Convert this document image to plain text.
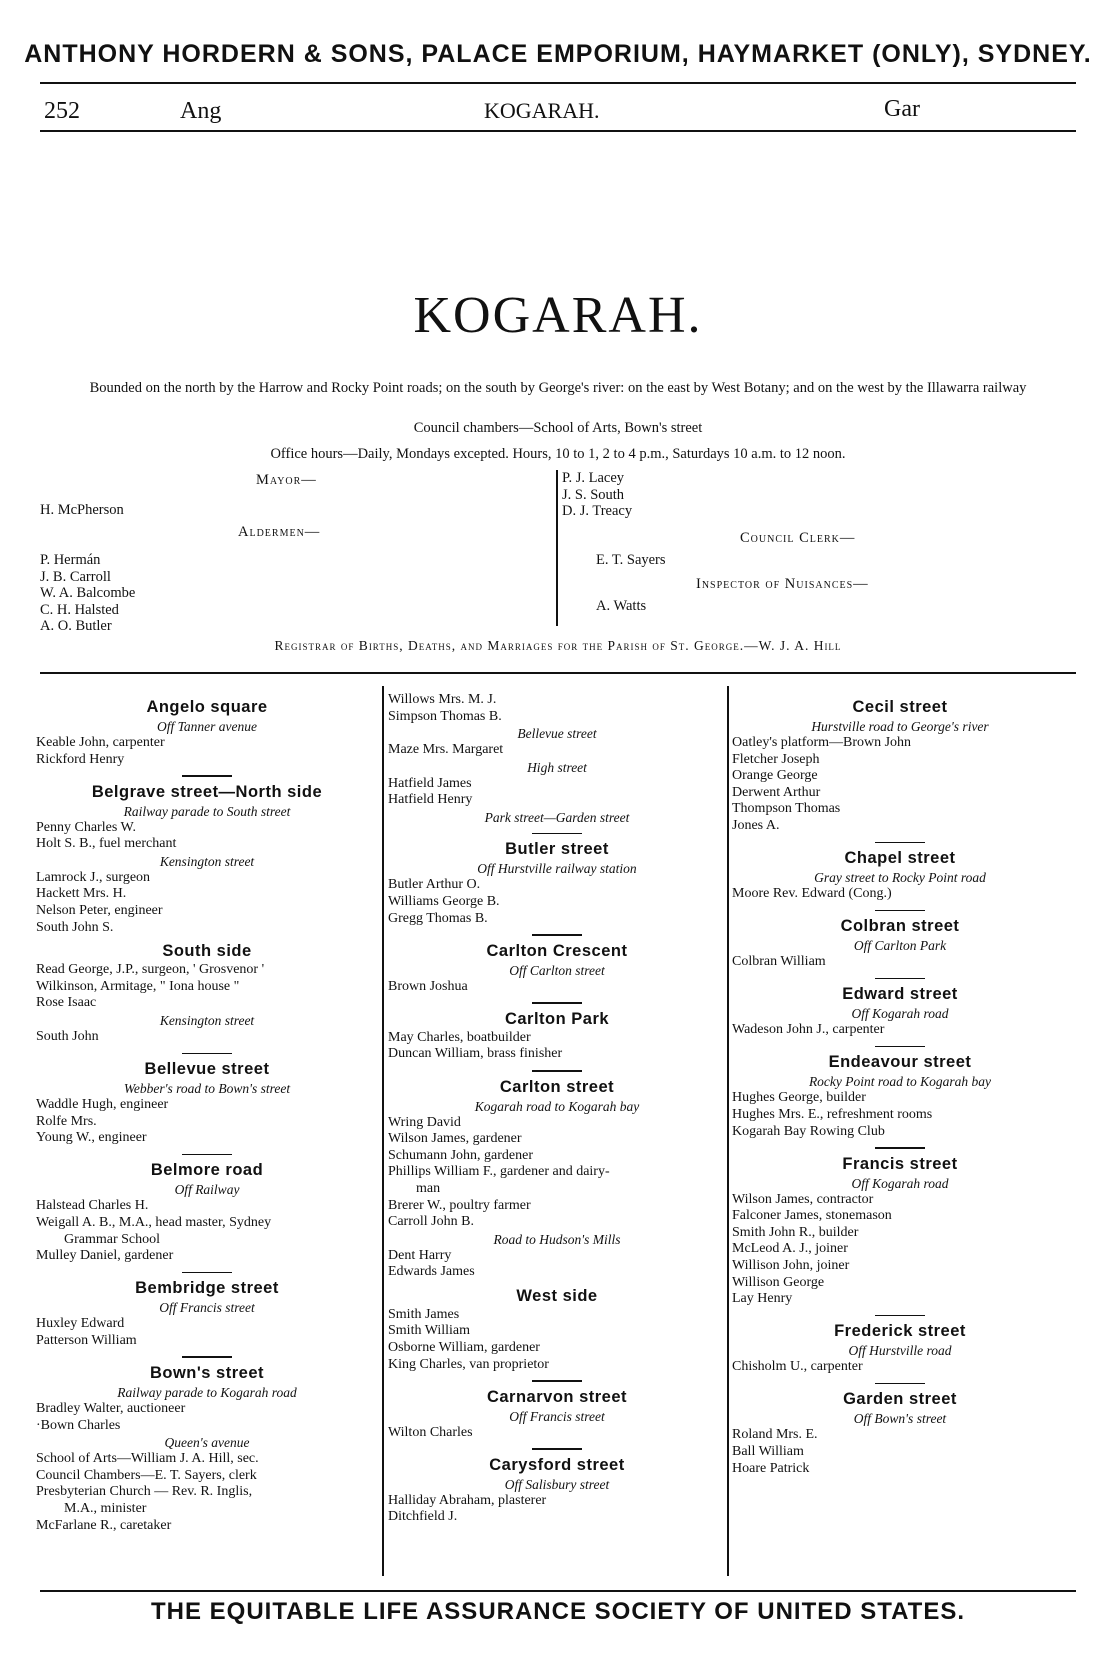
ANTHONY HORDERN & SONS, PALACE EMPORIUM, HAYMARKET (ONLY), SYDNEY.
252	Ang	KOGARAH.	Gar
KOGARAH.
Bounded on the north by the Harrow and Rocky Point roads; on the south by George's river: on the east by West Botany; and on the west by the Illawarra railway
Council chambers—School of Arts, Bown's street
Office hours—Daily, Mondays excepted. Hours, 10 to 1, 2 to 4 p.m., Saturdays 10 a.m. to 12 noon.
Mayor—
H. McPherson
Aldermen—
P. Hermán
J. B. Carroll
W. A. Balcombe
C. H. Halsted
A. O. Butler
P. J. Lacey
J. S. South
D. J. Treacy
Council Clerk—
E. T. Sayers
Inspector of Nuisances—
A. Watts
Registrar of Births, Deaths, and Marriages for the Parish of St. George.—W. J. A. Hill
Angelo square
Off Tanner avenue
Keable John, carpenter
Rickford Henry
Belgrave street—North side
Railway parade to South street
Penny Charles W.
Holt S. B., fuel merchant
Kensington street
Lamrock J., surgeon
Hackett Mrs. H.
Nelson Peter, engineer
South John S.
South side
Read George, J.P., surgeon, ' Grosvenor '
Wilkinson, Armitage, " Iona house "
Rose Isaac
Kensington street
South John
Bellevue street
Webber's road to Bown's street
Waddle Hugh, engineer
Rolfe Mrs.
Young W., engineer
Belmore road
Off Railway
Halstead Charles H.
Weigall A. B., M.A., head master, Sydney
Grammar School
Mulley Daniel, gardener
Bembridge street
Off Francis street
Huxley Edward
Patterson William
Bown's street
Railway parade to Kogarah road
Bradley Walter, auctioneer
·Bown Charles
Queen's avenue
School of Arts—William J. A. Hill, sec.
Council Chambers—E. T. Sayers, clerk
Presbyterian Church — Rev. R. Inglis,
M.A., minister
McFarlane R., caretaker
Willows Mrs. M. J.
Simpson Thomas B.
Bellevue street
Maze Mrs. Margaret
High street
Hatfield James
Hatfield Henry
Park street—Garden street
Butler street
Off Hurstville railway station
Butler Arthur O.
Williams George B.
Gregg Thomas B.
Carlton Crescent
Off Carlton street
Brown Joshua
Carlton Park
May Charles, boatbuilder
Duncan William, brass finisher
Carlton street
Kogarah road to Kogarah bay
Wring David
Wilson James, gardener
Schumann John, gardener
Phillips William F., gardener and dairy-
man
Brerer W., poultry farmer
Carroll John B.
Road to Hudson's Mills
Dent Harry
Edwards James
West side
Smith James
Smith William
Osborne William, gardener
King Charles, van proprietor
Carnarvon street
Off Francis street
Wilton Charles
Carysford street
Off Salisbury street
Halliday Abraham, plasterer
Ditchfield J.
Cecil street
Hurstville road to George's river
Oatley's platform—Brown John
Fletcher Joseph
Orange George
Derwent Arthur
Thompson Thomas
Jones A.
Chapel street
Gray street to Rocky Point road
Moore Rev. Edward (Cong.)
Colbran street
Off Carlton Park
Colbran William
Edward street
Off Kogarah road
Wadeson John J., carpenter
Endeavour street
Rocky Point road to Kogarah bay
Hughes George, builder
Hughes Mrs. E., refreshment rooms
Kogarah Bay Rowing Club
Francis street
Off Kogarah road
Wilson James, contractor
Falconer James, stonemason
Smith John R., builder
McLeod A. J., joiner
Willison John, joiner
Willison George
Lay Henry
Frederick street
Off Hurstville road
Chisholm U., carpenter
Garden street
Off Bown's street
Roland Mrs. E.
Ball William
Hoare Patrick
THE EQUITABLE LIFE ASSURANCE SOCIETY OF UNITED STATES.
